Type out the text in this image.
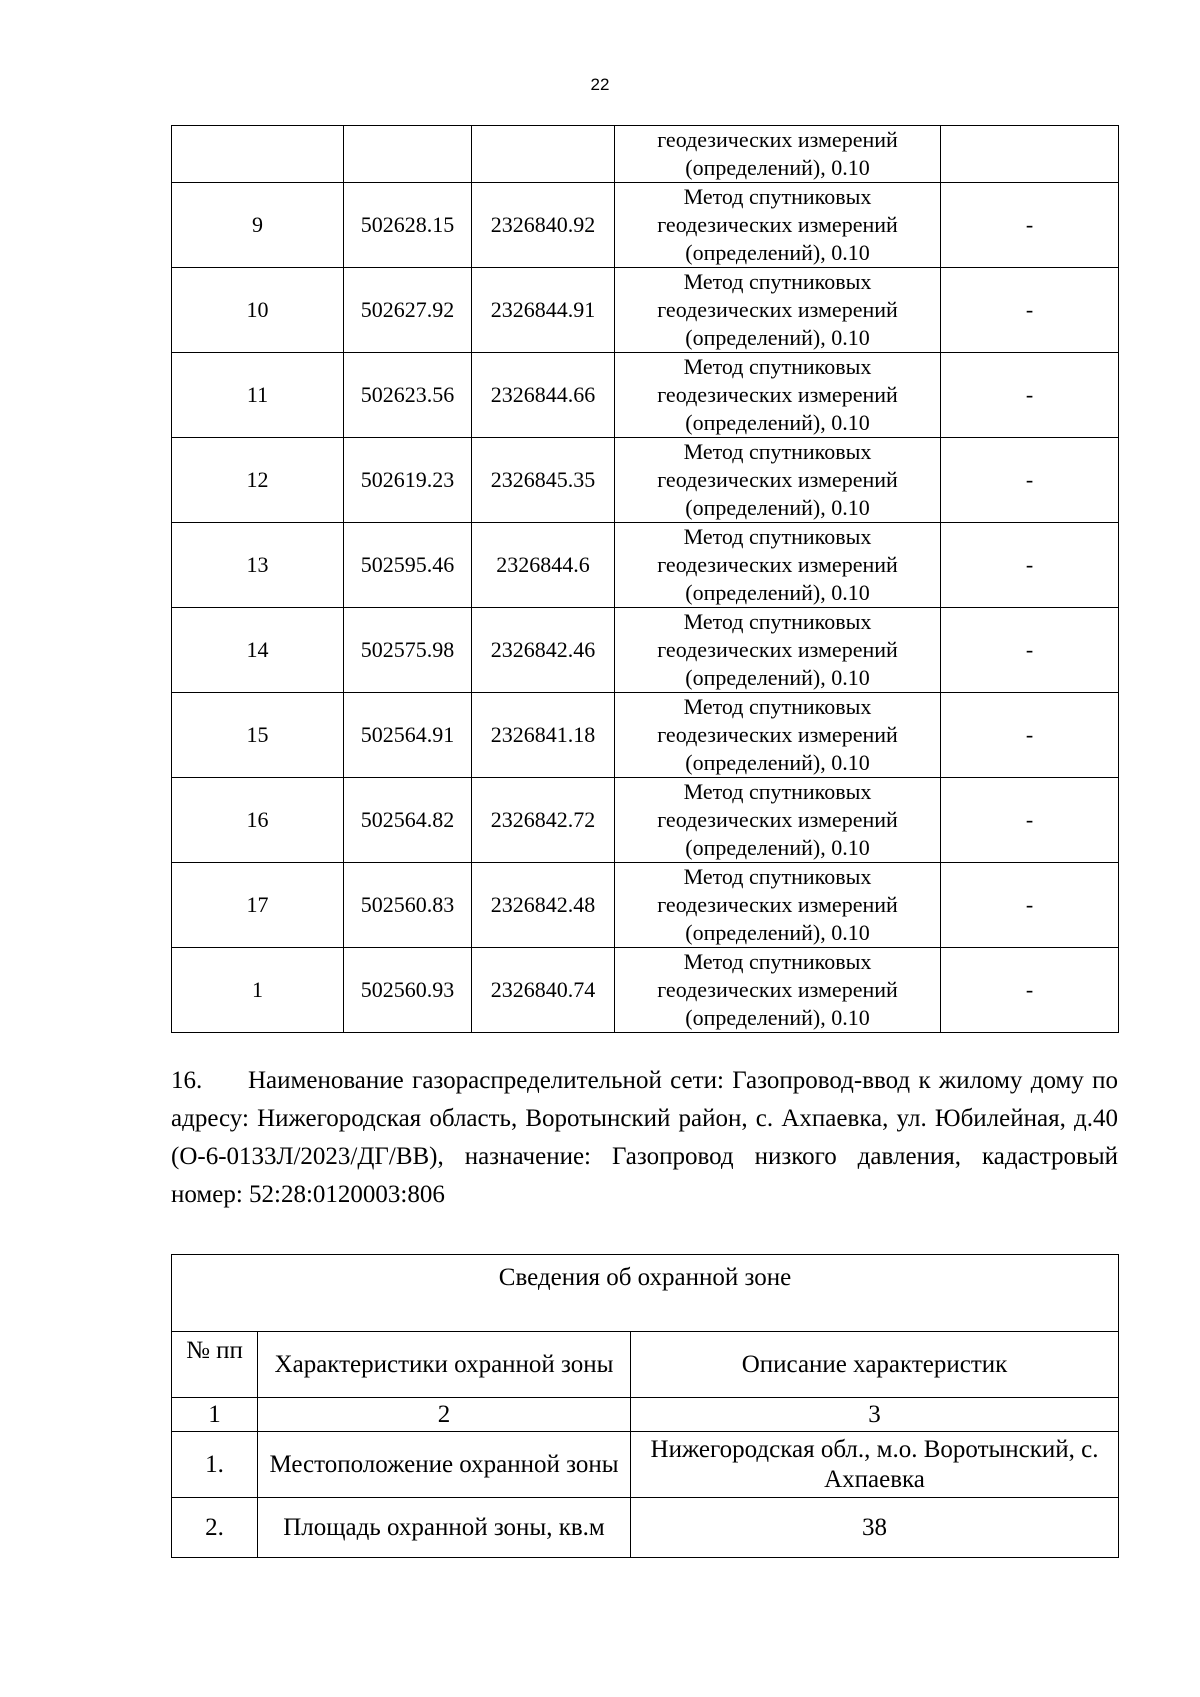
22

			геодезических измерений
(определений), 0.10	

9	502628.15	2326840.92	Метод спутниковых
геодезических измерений
(определений), 0.10	-
10	502627.92	2326844.91	Метод спутниковых
геодезических измерений
(определений), 0.10	-
11	502623.56	2326844.66	Метод спутниковых
геодезических измерений
(определений), 0.10	-
12	502619.23	2326845.35	Метод спутниковых
геодезических измерений
(определений), 0.10	-
13	502595.46	2326844.6	Метод спутниковых
геодезических измерений
(определений), 0.10	-
14	502575.98	2326842.46	Метод спутниковых
геодезических измерений
(определений), 0.10	-
15	502564.91	2326841.18	Метод спутниковых
геодезических измерений
(определений), 0.10	-
16	502564.82	2326842.72	Метод спутниковых
геодезических измерений
(определений), 0.10	-
17	502560.83	2326842.48	Метод спутниковых
геодезических измерений
(определений), 0.10	-
1	502560.93	2326840.74	Метод спутниковых
геодезических измерений
(определений), 0.10	-

16. Наименование газораспределительной сети: Газопровод-ввод к жилому дому по адресу: Нижегородская область, Воротынский район, с. Ахпаевка, ул. Юбилейная, д.40 (О-6-0133Л/2023/ДГ/ВВ), назначение: Газопровод низкого давления, кадастровый номер: 52:28:0120003:806

Сведения об охранной зоне		
№ пп	Характеристики охранной зоны	Описание характеристик
1	2	3
1.	Местоположение охранной зоны	Нижегородская обл., м.о. Воротынский, с. Ахпаевка
2.	Площадь охранной зоны, кв.м	38
